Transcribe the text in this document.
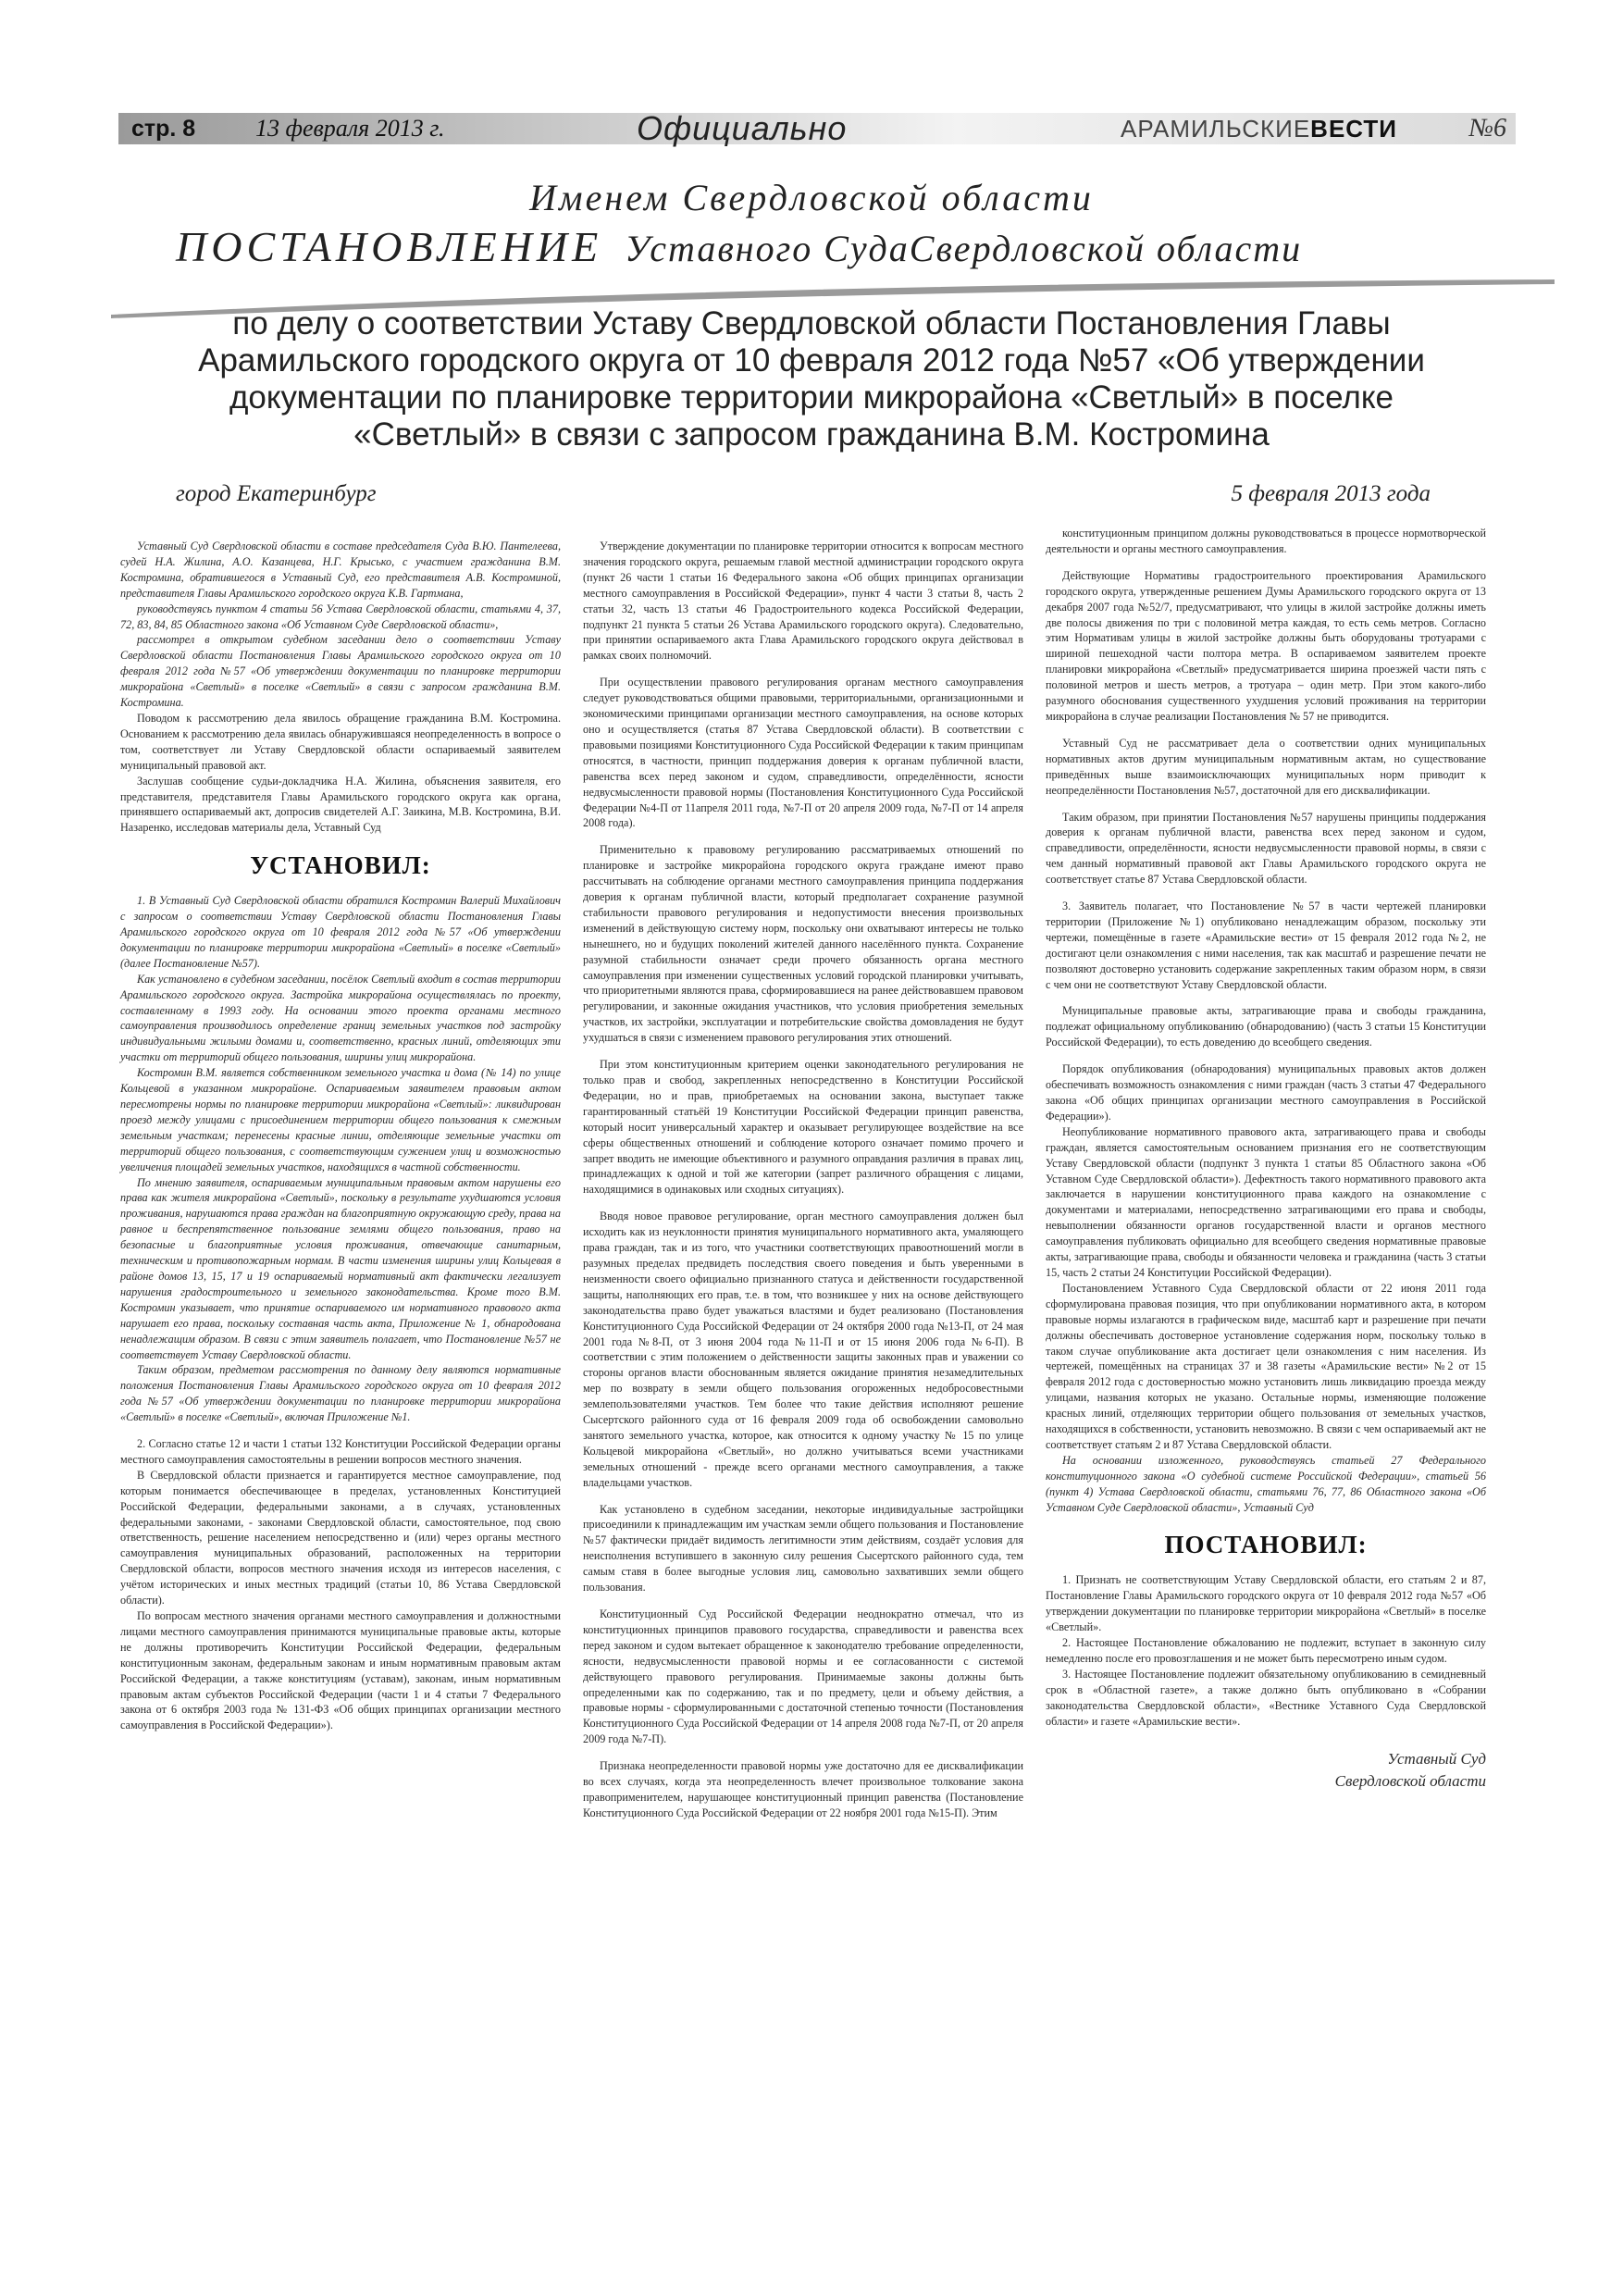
стр. 8 13 февраля 2013 г.	Официально	АРАМИЛЬСКИЕВЕСТИ	№6
Именем Свердловской области
ПОСТАНОВЛЕНИЕ Уставного СудаСвердловской области
по делу о соответствии Уставу Свердловской области Постановления Главы Арамильского городского округа от 10 февраля 2012 года №57 «Об утверждении документации по планировке территории микрорайона «Светлый» в поселке «Светлый» в связи с запросом гражданина В.М. Костромина
город Екатеринбург	5 февраля 2013 года

Уставный Суд Свердловской области в составе председателя Суда В.Ю. Пантелеева, судей Н.А. Жилина, А.О. Казанцева, Н.Г. Крысько, с участием гражданина В.М. Костромина, обратившегося в Уставный Суд, его представителя А.В. Костроминой, представителя Главы Арамильского городского округа К.В. Гартмана,

руководствуясь пунктом 4 статьи 56 Устава Свердловской области, статьями 4, 37, 72, 83, 84, 85 Областного закона «Об Уставном Суде Свердловской области»,

рассмотрел в открытом судебном заседании дело о соответствии Уставу Свердловской области Постановления Главы Арамильского городского округа от 10 февраля 2012 года №57 «Об утверждении документации по планировке территории микрорайона «Светлый» в поселке «Светлый» в связи с запросом гражданина В.М. Костромина.

Поводом к рассмотрению дела явилось обращение гражданина В.М. Костромина. Основанием к рассмотрению дела явилась обнаружившаяся неопределенность в вопросе о том, соответствует ли Уставу Свердловской области оспариваемый заявителем муниципальный правовой акт.

Заслушав сообщение судьи-докладчика Н.А. Жилина, объяснения заявителя, его представителя, представителя Главы Арамильского городского округа как органа, принявшего оспариваемый акт, допросив свидетелей А.Г. Заикина, М.В. Костромина, В.И. Назаренко, исследовав материалы дела, Уставный Суд

УСТАНОВИЛ:

1. В Уставный Суд Свердловской области обратился Костромин Валерий Михайлович с запросом о соответствии Уставу Свердловской области Постановления Главы Арамильского городского округа от 10 февраля 2012 года №57 «Об утверждении документации по планировке территории микрорайона «Светлый» в поселке «Светлый» (далее Постановление №57).

Как установлено в судебном заседании, посёлок Светлый входит в состав территории Арамильского городского округа. Застройка микрорайона осуществлялась по проекту, составленному в 1993 году. На основании этого проекта органами местного самоуправления производилось определение границ земельных участков под застройку индивидуальными жилыми домами и, соответственно, красных линий, отделяющих эти участки от территорий общего пользования, ширины улиц микрорайона.

Костромин В.М. является собственником земельного участка и дома (№ 14) по улице Кольцевой в указанном микрорайоне. Оспариваемым заявителем правовым актом пересмотрены нормы по планировке территории микрорайона «Светлый»: ликвидирован проезд между улицами с присоединением территории общего пользования к смежным земельным участкам; перенесены красные линии, отделяющие земельные участки от территорий общего пользования, с соответствующим сужением улиц и возможностью увеличения площадей земельных участков, находящихся в частной собственности.

По мнению заявителя, оспариваемым муниципальным правовым актом нарушены его права как жителя микрорайона «Светлый», поскольку в результате ухудшаются условия проживания, нарушаются права граждан на благоприятную окружающую среду, права на равное и беспрепятственное пользование землями общего пользования, право на безопасные и благоприятные условия проживания, отвечающие санитарным, техническим и противопожарным нормам. В части изменения ширины улиц Кольцевая в районе домов 13, 15, 17 и 19 оспариваемый нормативный акт фактически легализует нарушения градостроительного и земельного законодательства. Кроме того В.М. Костромин указывает, что принятие оспариваемого им нормативного правового акта нарушает его права, поскольку составная часть акта, Приложение № 1, обнародована ненадлежащим образом. В связи с этим заявитель полагает, что Постановление №57 не соответствует Уставу Свердловской области.

Таким образом, предметом рассмотрения по данному делу являются нормативные положения Постановления Главы Арамильского городского округа от 10 февраля 2012 года №57 «Об утверждении документации по планировке территории микрорайона «Светлый» в поселке «Светлый», включая Приложение №1.

2. Согласно статье 12 и части 1 статьи 132 Конституции Российской Федерации органы местного самоуправления самостоятельны в решении вопросов местного значения.

В Свердловской области признается и гарантируется местное самоуправление, под которым понимается обеспечивающее в пределах, установленных Конституцией Российской Федерации, федеральными законами, а в случаях, установленных федеральными законами, - законами Свердловской области, самостоятельное, под свою ответственность, решение населением непосредственно и (или) через органы местного самоуправления муниципальных образований, расположенных на территории Свердловской области, вопросов местного значения исходя из интересов населения, с учётом исторических и иных местных традиций (статьи 10, 86 Устава Свердловской области).

По вопросам местного значения органами местного самоуправления и должностными лицами местного самоуправления принимаются муниципальные правовые акты, которые не должны противоречить Конституции Российской Федерации, федеральным конституционным законам, федеральным законам и иным нормативным правовым актам Российской Федерации, а также конституциям (уставам), законам, иным нормативным правовым актам субъектов Российской Федерации (части 1 и 4 статьи 7 Федерального закона от 6 октября 2003 года № 131-ФЗ «Об общих принципах организации местного самоуправления в Российской Федерации»).

Утверждение документации по планировке территории относится к вопросам местного значения городского округа, решаемым главой местной администрации городского округа (пункт 26 части 1 статьи 16 Федерального закона «Об общих принципах организации местного самоуправления в Российской Федерации», пункт 4 части 3 статьи 8, часть 2 статьи 32, часть 13 статьи 46 Градостроительного кодекса Российской Федерации, подпункт 21 пункта 5 статьи 26 Устава Арамильского городского округа). Следовательно, при принятии оспариваемого акта Глава Арамильского городского округа действовал в рамках своих полномочий.

При осуществлении правового регулирования органам местного самоуправления следует руководствоваться общими правовыми, территориальными, организационными и экономическими принципами организации местного самоуправления, на основе которых оно и осуществляется (статья 87 Устава Свердловской области). В соответствии с правовыми позициями Конституционного Суда Российской Федерации к таким принципам относятся, в частности, принцип поддержания доверия к органам публичной власти, равенства всех перед законом и судом, справедливости, определённости, ясности недвусмысленности правовой нормы (Постановления Конституционного Суда Российской Федерации №4-П от 11апреля 2011 года, №7-П от 20 апреля 2009 года, №7-П от 14 апреля 2008 года).

Применительно к правовому регулированию рассматриваемых отношений по планировке и застройке микрорайона городского округа граждане имеют право рассчитывать на соблюдение органами местного самоуправления принципа поддержания доверия к органам публичной власти, который предполагает сохранение разумной стабильности правового регулирования и недопустимости внесения произвольных изменений в действующую систему норм, поскольку они охватывают интересы не только нынешнего, но и будущих поколений жителей данного населённого пункта. Сохранение разумной стабильности означает среди прочего обязанность органа местного самоуправления при изменении существенных условий городской планировки учитывать, что приоритетными являются права, сформировавшиеся на ранее действовавшем правовом регулировании, и законные ожидания участников, что условия приобретения земельных участков, их застройки, эксплуатации и потребительские свойства домовладения не будут ухудшаться в связи с изменением правового регулирования этих отношений.

При этом конституционным критерием оценки законодательного регулирования не только прав и свобод, закрепленных непосредственно в Конституции Российской Федерации, но и прав, приобретаемых на основании закона, выступает также гарантированный статьёй 19 Конституции Российской Федерации принцип равенства, который носит универсальный характер и оказывает регулирующее воздействие на все сферы общественных отношений и соблюдение которого означает помимо прочего и запрет вводить не имеющие объективного и разумного оправдания различия в правах лиц, принадлежащих к одной и той же категории (запрет различного обращения с лицами, находящимися в одинаковых или сходных ситуациях).

Вводя новое правовое регулирование, орган местного самоуправления должен был исходить как из неуклонности принятия муниципального нормативного акта, умаляющего права граждан, так и из того, что участники соответствующих правоотношений могли в разумных пределах предвидеть последствия своего поведения и быть уверенными в неизменности своего официально признанного статуса и действенности государственной защиты, наполняющих его прав, т.е. в том, что возникшее у них на основе действующего законодательства право будет уважаться властями и будет реализовано (Постановления Конституционного Суда Российской Федерации от 24 октября 2000 года №13-П, от 24 мая 2001 года №8-П, от 3 июня 2004 года №11-П и от 15 июня 2006 года №6-П). В соответствии с этим положением о действенности защиты законных прав и уважении со стороны органов власти обоснованным является ожидание принятия незамедлительных мер по возврату в земли общего пользования огороженных недобросовестными землепользователями участков. Тем более что такие действия исполняют решение Сысертского районного суда от 16 февраля 2009 года об освобождении самовольно занятого земельного участка, которое, как относится к одному участку № 15 по улице Кольцевой микрорайона «Светлый», но должно учитываться всеми участниками земельных отношений - прежде всего органами местного самоуправления, а также владельцами участков.

Как установлено в судебном заседании, некоторые индивидуальные застройщики присоединили к принадлежащим им участкам земли общего пользования и Постановление №57 фактически придаёт видимость легитимности этим действиям, создаёт условия для неисполнения вступившего в законную силу решения Сысертского районного суда, тем самым ставя в более выгодные условия лиц, самовольно захвативших земли общего пользования.

Конституционный Суд Российской Федерации неоднократно отмечал, что из конституционных принципов правового государства, справедливости и равенства всех перед законом и судом вытекает обращенное к законодателю требование определенности, ясности, недвусмысленности правовой нормы и ее согласованности с системой действующего правового регулирования. Принимаемые законы должны быть определенными как по содержанию, так и по предмету, цели и объему действия, а правовые нормы - сформулированными с достаточной степенью точности (Постановления Конституционного Суда Российской Федерации от 14 апреля 2008 года №7-П, от 20 апреля 2009 года №7-П).

Признака неопределенности правовой нормы уже достаточно для ее дисквалификации во всех случаях, когда эта неопределенность влечет произвольное толкование закона правоприменителем, нарушающее конституционный принцип равенства (Постановление Конституционного Суда Российской Федерации от 22 ноября 2001 года №15-П). Этим

конституционным принципом должны руководствоваться в процессе нормотворческой деятельности и органы местного самоуправления.

Действующие Нормативы градостроительного проектирования Арамильского городского округа, утвержденные решением Думы Арамильского городского округа от 13 декабря 2007 года №52/7, предусматривают, что улицы в жилой застройке должны иметь две полосы движения по три с половиной метра каждая, то есть семь метров. Согласно этим Нормативам улицы в жилой застройке должны быть оборудованы тротуарами с шириной пешеходной части полтора метра. В оспариваемом заявителем проекте планировки микрорайона «Светлый» предусматривается ширина проезжей части пять с половиной метров и шесть метров, а тротуара – один метр. При этом какого-либо разумного обоснования существенного ухудшения условий проживания на территории микрорайона в случае реализации Постановления № 57 не приводится.

Уставный Суд не рассматривает дела о соответствии одних муниципальных нормативных актов другим муниципальным нормативным актам, но существование приведённых выше взаимоисключающих муниципальных норм приводит к неопределённости Постановления №57, достаточной для его дисквалификации.

Таким образом, при принятии Постановления №57 нарушены принципы поддержания доверия к органам публичной власти, равенства всех перед законом и судом, справедливости, определённости, ясности недвусмысленности правовой нормы, в связи с чем данный нормативный правовой акт Главы Арамильского городского округа не соответствует статье 87 Устава Свердловской области.

3. Заявитель полагает, что Постановление №57 в части чертежей планировки территории (Приложение №1) опубликовано ненадлежащим образом, поскольку эти чертежи, помещённые в газете «Арамильские вести» от 15 февраля 2012 года №2, не достигают цели ознакомления с ними населения, так как масштаб и разрешение печати не позволяют достоверно установить содержание закрепленных таким образом норм, в связи с чем они не соответствуют Уставу Свердловской области.

Муниципальные правовые акты, затрагивающие права и свободы гражданина, подлежат официальному опубликованию (обнародованию) (часть 3 статьи 15 Конституции Российской Федерации), то есть доведению до всеобщего сведения.

Порядок опубликования (обнародования) муниципальных правовых актов должен обеспечивать возможность ознакомления с ними граждан (часть 3 статьи 47 Федерального закона «Об общих принципах организации местного самоуправления в Российской Федерации»).

Неопубликование нормативного правового акта, затрагивающего права и свободы граждан, является самостоятельным основанием признания его не соответствующим Уставу Свердловской области (подпункт 3 пункта 1 статьи 85 Областного закона «Об Уставном Суде Свердловской области»). Дефектность такого нормативного правового акта заключается в нарушении конституционного права каждого на ознакомление с документами и материалами, непосредственно затрагивающими его права и свободы, невыполнении обязанности органов государственной власти и органов местного самоуправления публиковать официально для всеобщего сведения нормативные правовые акты, затрагивающие права, свободы и обязанности человека и гражданина (часть 3 статьи 15, часть 2 статьи 24 Конституции Российской Федерации).

Постановлением Уставного Суда Свердловской области от 22 июня 2011 года сформулирована правовая позиция, что при опубликовании нормативного акта, в котором правовые нормы излагаются в графическом виде, масштаб карт и разрешение при печати должны обеспечивать достоверное установление содержания норм, поскольку только в таком случае опубликование акта достигает цели ознакомления с ним населения. Из чертежей, помещённых на страницах 37 и 38 газеты «Арамильские вести» №2 от 15 февраля 2012 года с достоверностью можно установить лишь ликвидацию проезда между улицами, названия которых не указано. Остальные нормы, изменяющие положение красных линий, отделяющих территории общего пользования от земельных участков, находящихся в собственности, установить невозможно. В связи с чем оспариваемый акт не соответствует статьям 2 и 87 Устава Свердловской области.

На основании изложенного, руководствуясь статьей 27 Федерального конституционного закона «О судебной системе Российской Федерации», статьей 56 (пункт 4) Устава Свердловской области, статьями 76, 77, 86 Областного закона «Об Уставном Суде Свердловской области», Уставный Суд

ПОСТАНОВИЛ:

1. Признать не соответствующим Уставу Свердловской области, его статьям 2 и 87, Постановление Главы Арамильского городского округа от 10 февраля 2012 года №57 «Об утверждении документации по планировке территории микрорайона «Светлый» в поселке «Светлый».

2. Настоящее Постановление обжалованию не подлежит, вступает в законную силу немедленно после его провозглашения и не может быть пересмотрено иным судом.

3. Настоящее Постановление подлежит обязательному опубликованию в семидневный срок в «Областной газете», а также должно быть опубликовано в «Собрании законодательства Свердловской области», «Вестнике Уставного Суда Свердловской области» и газете «Арамильские вести».

Уставный Суд
Свердловской области
